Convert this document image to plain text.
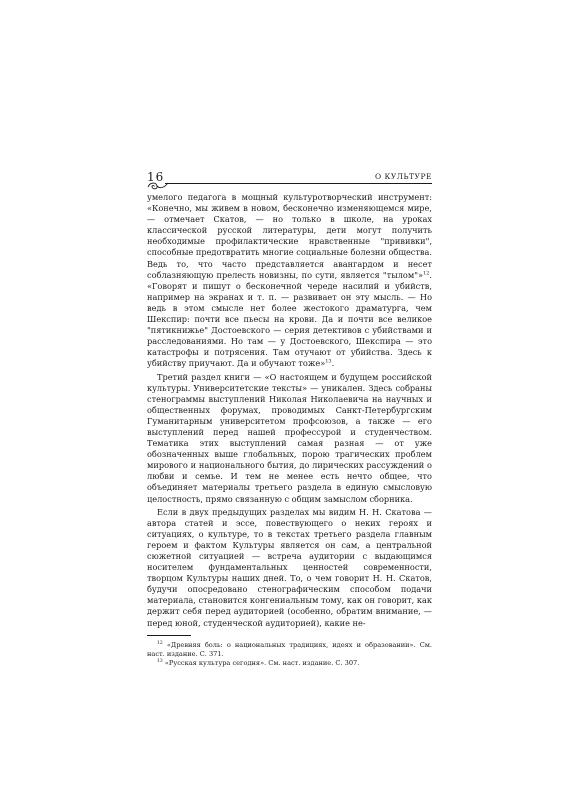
16	О КУЛЬТУРЕ

умелого педагога в мощный культуротворческий инструмент: «Конечно, мы живем в новом, бесконечно изменяющемся мире, — отмечает Скатов, — но только в школе, на уроках классической русской литературы, дети могут получить необходимые профилактические нравственные "прививки", способные предотвратить многие социальные болезни общества. Ведь то, что часто представляется авангардом и несет соблазняющую прелесть новизны, по сути, является "тылом"»$^{12}$. «Говорят и пишут о бесконечной череде насилий и убийств, например на экранах и т. п. — развивает он эту мысль. — Но ведь в этом смысле нет более жестокого драматурга, чем Шекспир: почти все пьесы на крови. Да и почти все великое "пятикнижье" Достоевского — серия детективов с убийствами и расследованиями. Но там — у Достоевского, Шекспира — это катастрофы и потрясения. Там отучают от убийства. Здесь к убийству приучают. Да и обучают тоже»$^{13}$.

Третий раздел книги — «О настоящем и будущем российской культуры. Университетские тексты» — уникален. Здесь собраны стенограммы выступлений Николая Николаевича на научных и общественных форумах, проводимых Санкт-Петербургским Гуманитарным университетом профсоюзов, а также — его выступлений перед нашей профессурой и студенчеством. Тематика этих выступлений самая разная — от уже обозначенных выше глобальных, порою трагических проблем мирового и национального бытия, до лирических рассуждений о любви и семье. И тем не менее есть нечто общее, что объединяет материалы третьего раздела в единую смысловую целостность, прямо связанную с общим замыслом сборника.

Если в двух предыдущих разделах мы видим Н. Н. Скатова — автора статей и эссе, повествующего о неких героях и ситуациях, о культуре, то в текстах третьего раздела главным героем и фактом Культуры является он сам, а центральной сюжетной ситуацией — встреча аудитории с выдающимся носителем фундаментальных ценностей современности, творцом Культуры наших дней. То, о чем говорит Н. Н. Скатов, будучи опосредовано стенографическим способом подачи материала, становится конгениальным тому, как он говорит, как держит себя перед аудиторией (особенно, обратим внимание, — перед юной, студенческой аудиторией), какие не-

$^{12}$ «Древняя боль: о национальных традициях, идеях и образовании». См. наст. издание. С. 371.

$^{13}$ «Русская культура сегодня». См. наст. издание. С. 307.
